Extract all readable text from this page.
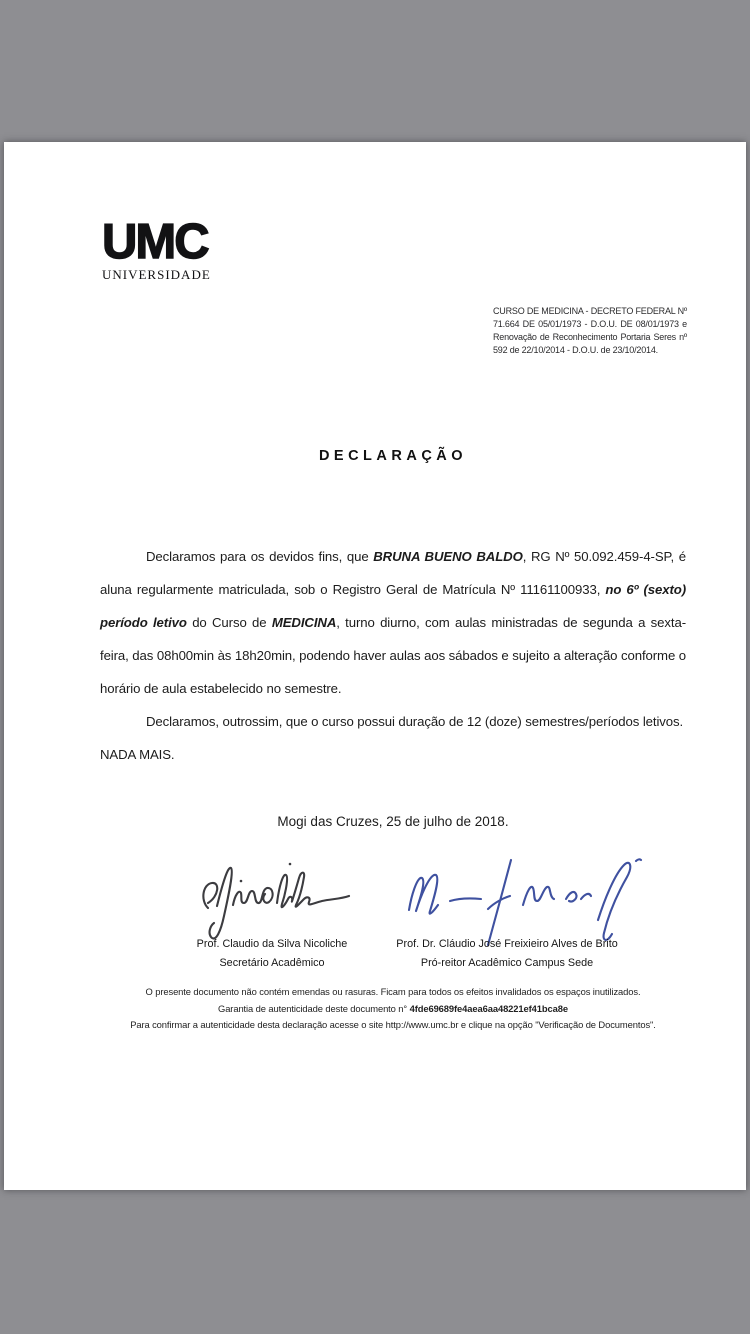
UMC
UNIVERSIDADE
CURSO DE MEDICINA - DECRETO FEDERAL Nº 71.664 DE 05/01/1973 - D.O.U. DE 08/01/1973 e Renovação de Reconhecimento Portaria Seres nº 592 de 22/10/2014 - D.O.U. de 23/10/2014.
DECLARAÇÃO

Declaramos para os devidos fins, que BRUNA BUENO BALDO, RG Nº 50.092.459-4-SP, é aluna regularmente matriculada, sob o Registro Geral de Matrícula Nº 11161100933, no 6º (sexto) período letivo do Curso de MEDICINA, turno diurno, com aulas ministradas de segunda a sexta-feira, das 08h00min às 18h20min, podendo haver aulas aos sábados e sujeito a alteração conforme o horário de aula estabelecido no semestre.

Declaramos, outrossim, que o curso possui duração de 12 (doze) semestres/períodos letivos.

NADA MAIS.

Mogi das Cruzes, 25 de julho de 2018.
Prof. Claudio da Silva Nicoliche
Secretário Acadêmico
Prof. Dr. Cláudio José Freixieiro Alves de Brito
Pró-reitor Acadêmico Campus Sede
O presente documento não contém emendas ou rasuras. Ficam para todos os efeitos invalidados os espaços inutilizados.
Garantia de autenticidade deste documento n° 4fde69689fe4aea6aa48221ef41bca8e
Para confirmar a autenticidade desta declaração acesse o site http://www.umc.br e clique na opção "Verificação de Documentos".
